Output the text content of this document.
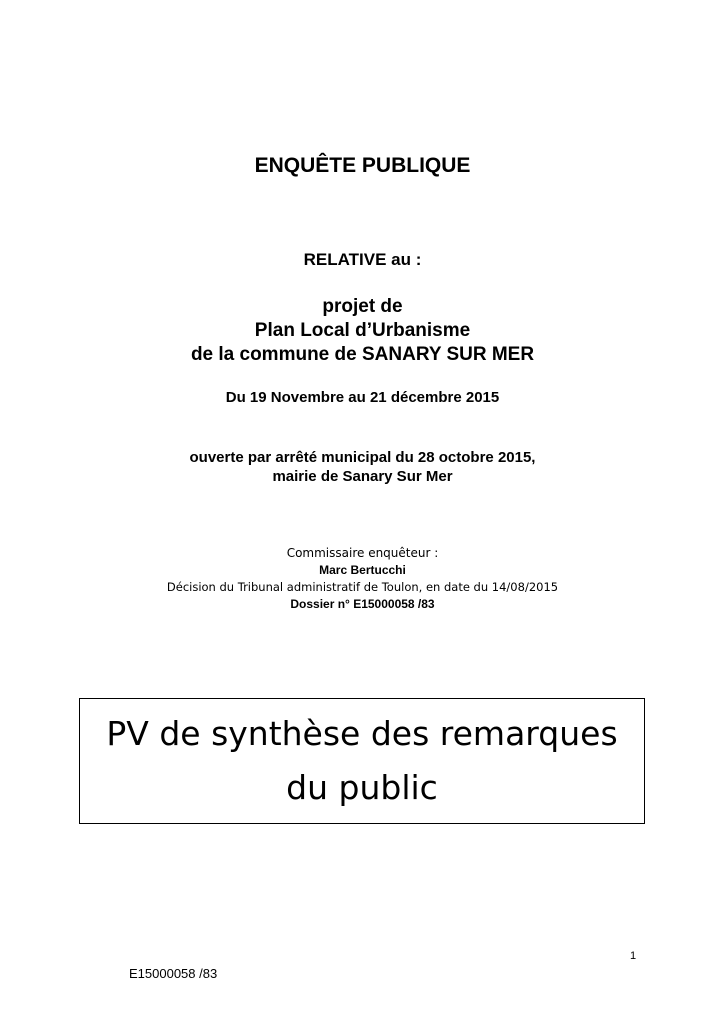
ENQUÊTE PUBLIQUE
RELATIVE au :
projet de
Plan Local d’Urbanisme
de la commune de SANARY SUR MER
Du 19 Novembre au 21 décembre 2015
ouverte par arrêté municipal du 28 octobre 2015,
mairie de Sanary Sur Mer
Commissaire enquêteur :
Marc Bertucchi
Décision du Tribunal administratif de Toulon, en date du 14/08/2015
Dossier n° E15000058 /83
PV de synthèse des remarques
du public
1
E15000058 /83
